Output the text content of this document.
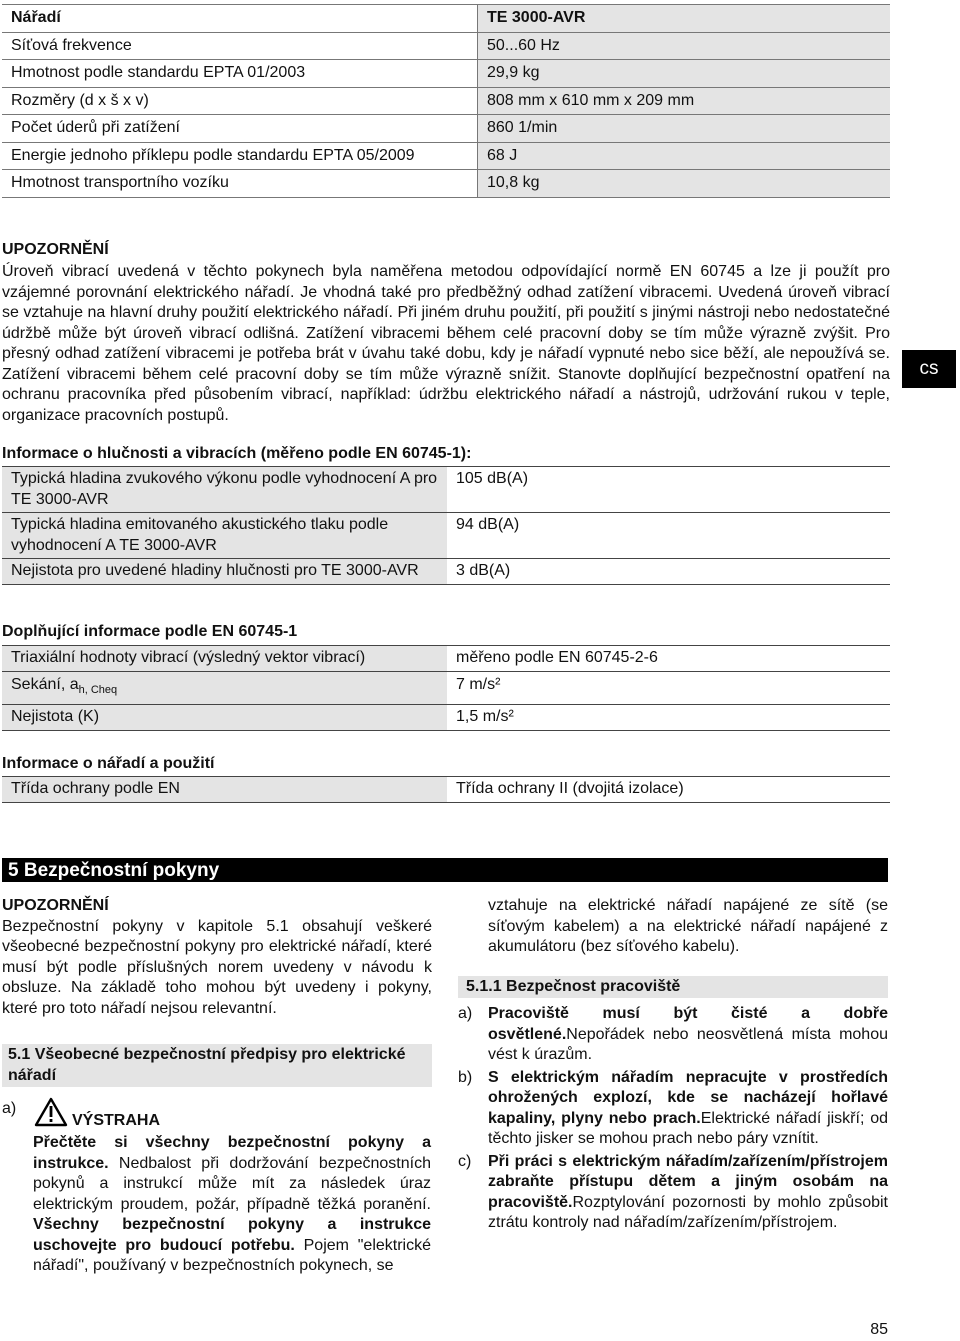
Nářadí	TE 3000-AVR
Síťová frekvence	50...60 Hz
Hmotnost podle standardu EPTA 01/2003	29,9 kg
Rozměry (d x š x v)	808 mm x 610 mm x 209 mm
Počet úderů při zatížení	860 1/min
Energie jednoho příklepu podle standardu EPTA 05/2009	68 J
Hmotnost transportního vozíku	10,8 kg
UPOZORNĚNÍ
Úroveň vibrací uvedená v těchto pokynech byla naměřena metodou odpovídající normě EN 60745 a lze ji použít pro vzájemné porovnání elektrického nářadí. Je vhodná také pro předběžný odhad zatížení vibracemi. Uvedená úroveň vibrací se vztahuje na hlavní druhy použití elektrického nářadí. Při jiném druhu použití, při použití s jinými nástroji nebo nedostatečné údržbě může být úroveň vibrací odlišná. Zatížení vibracemi během celé pracovní doby se tím může výrazně zvýšit. Pro přesný odhad zatížení vibracemi je potřeba brát v úvahu také dobu, kdy je nářadí vypnuté nebo sice běží, ale nepoužívá se. Zatížení vibracemi během celé pracovní doby se tím může výrazně snížit. Stanovte doplňující bezpečnostní opatření na ochranu pracovníka před působením vibrací, například: údržbu elektrického nářadí a nástrojů, udržování rukou v teple, organizace pracovních postupů.
cs
Informace o hlučnosti a vibracích (měřeno podle EN 60745-1):
Typická hladina zvukového výkonu podle vyhodnocení A pro TE 3000-AVR	105 dB(A)
Typická hladina emitovaného akustického tlaku podle vyhodnocení A TE 3000-AVR	94 dB(A)
Nejistota pro uvedené hladiny hlučnosti pro TE 3000-AVR	3 dB(A)
Doplňující informace podle EN 60745-1
Triaxiální hodnoty vibrací (výsledný vektor vibrací)	měřeno podle EN 60745-2-6
Sekání, $a_{h, Cheq}$	7 m/s²
Nejistota (K)	1,5 m/s²
Informace o nářadí a použití
Třída ochrany podle EN	Třída ochrany II (dvojitá izolace)
5 Bezpečnostní pokyny
UPOZORNĚNÍ
Bezpečnostní pokyny v kapitole 5.1 obsahují veškeré všeobecné bezpečnostní pokyny pro elektrické nářadí, které musí být podle příslušných norem uvedeny v návodu k obsluze. Na základě toho mohou být uvedeny i pokyny, které pro toto nářadí nejsou relevantní.
5.1 Všeobecné bezpečnostní předpisy pro elektrické nářadí
a)
VÝSTRAHA
Přečtěte si všechny bezpečnostní pokyny a instrukce. Nedbalost při dodržování bezpečnostních pokynů a instrukcí může mít za následek úraz elektrickým proudem, požár, případně těžká poranění. Všechny bezpečnostní pokyny a instrukce uschovejte pro budoucí potřebu. Pojem "elektrické nářadí", používaný v bezpečnostních pokynech, se
vztahuje na elektrické nářadí napájené ze sítě (se síťovým kabelem) a na elektrické nářadí napájené z akumulátoru (bez síťového kabelu).
5.1.1 Bezpečnost pracoviště
a) Pracoviště musí být čisté a dobře osvětlené.Nepořádek nebo neosvětlená místa mohou vést k úrazům.
b) S elektrickým nářadím nepracujte v prostředích ohrožených explozí, kde se nacházejí hořlavé kapaliny, plyny nebo prach.Elektrické nářadí jiskří; od těchto jisker se mohou prach nebo páry vznítit.
c) Při práci s elektrickým nářadím/zařízením/přístrojem zabraňte přístupu dětem a jiným osobám na pracoviště.Rozptylování pozornosti by mohlo způsobit ztrátu kontroly nad nářadím/zařízením/přístrojem.
85
